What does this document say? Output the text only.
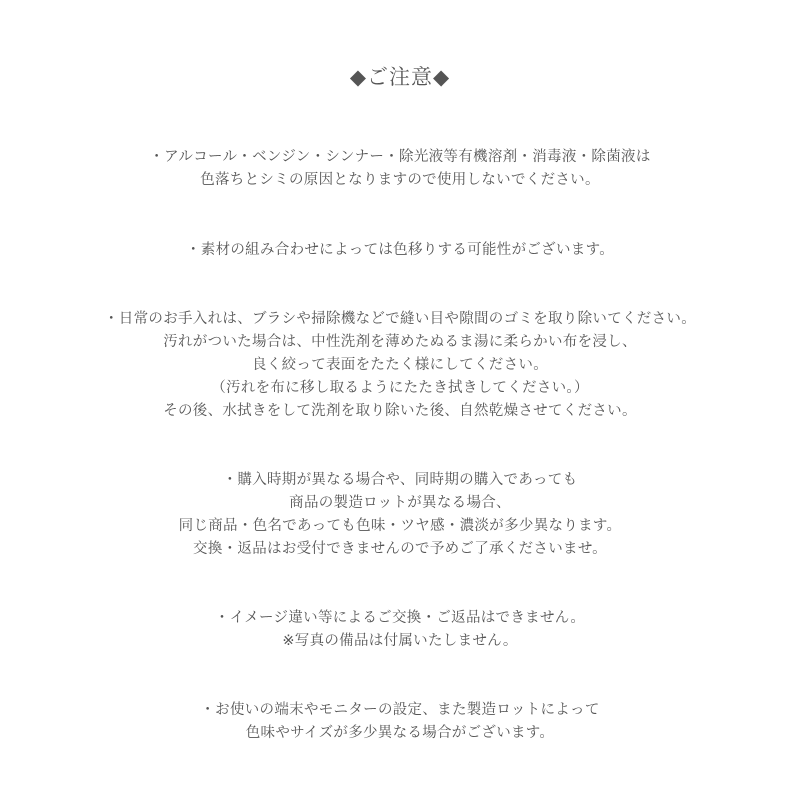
◆ご注意◆
・アルコール・ベンジン・シンナー・除光液等有機溶剤・消毒液・除菌液は
色落ちとシミの原因となりますので使用しないでください。
・素材の組み合わせによっては色移りする可能性がございます。
・日常のお手入れは、ブラシや掃除機などで縫い目や隙間のゴミを取り除いてください。
汚れがついた場合は、中性洗剤を薄めたぬるま湯に柔らかい布を浸し、
良く絞って表面をたたく様にしてください。
（汚れを布に移し取るようにたたき拭きしてください。）
その後、水拭きをして洗剤を取り除いた後、自然乾燥させてください。
・購入時期が異なる場合や、同時期の購入であっても
商品の製造ロットが異なる場合、
同じ商品・色名であっても色味・ツヤ感・濃淡が多少異なります。
交換・返品はお受付できませんので予めご了承くださいませ。
・イメージ違い等によるご交換・ご返品はできません。
※写真の備品は付属いたしません。
・お使いの端末やモニターの設定、また製造ロットによって
色味やサイズが多少異なる場合がございます。
